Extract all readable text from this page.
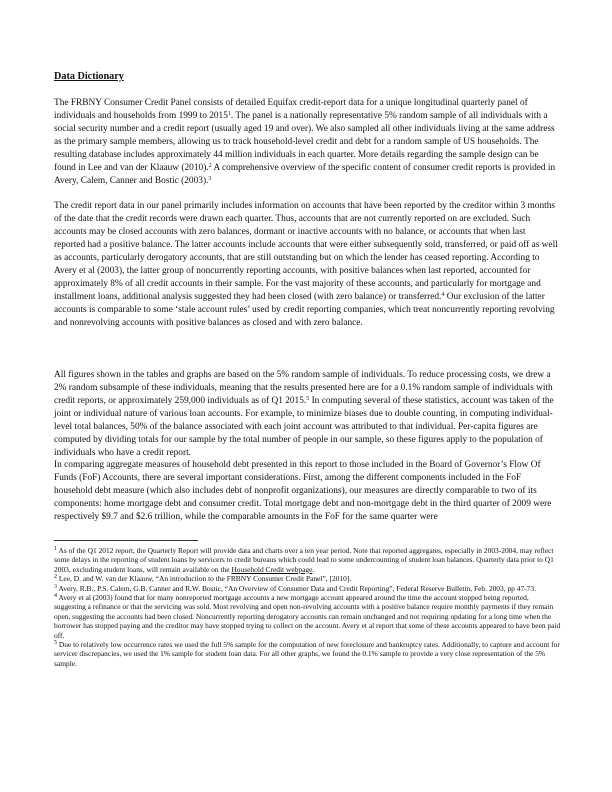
Data Dictionary

The FRBNY Consumer Credit Panel consists of detailed Equifax credit-report data for a unique longitudinal quarterly panel of individuals and households from 1999 to 2015$^1$. The panel is a nationally representative 5% random sample of all individuals with a social security number and a credit report (usually aged 19 and over). We also sampled all other individuals living at the same address as the primary sample members, allowing us to track household-level credit and debt for a random sample of US households. The resulting database includes approximately 44 million individuals in each quarter. More details regarding the sample design can be found in Lee and van der Klaauw (2010).$^2$ A comprehensive overview of the specific content of consumer credit reports is provided in Avery, Calem, Canner and Bostic (2003).$^3$

The credit report data in our panel primarily includes information on accounts that have been reported by the creditor within 3 months of the date that the credit records were drawn each quarter. Thus, accounts that are not currently reported on are excluded. Such accounts may be closed accounts with zero balances, dormant or inactive accounts with no balance, or accounts that when last reported had a positive balance. The latter accounts include accounts that were either subsequently sold, transferred, or paid off as well as accounts, particularly derogatory accounts, that are still outstanding but on which the lender has ceased reporting. According to Avery et al (2003), the latter group of noncurrently reporting accounts, with positive balances when last reported, accounted for approximately 8% of all credit accounts in their sample. For the vast majority of these accounts, and particularly for mortgage and installment loans, additional analysis suggested they had been closed (with zero balance) or transferred.$^4$ Our exclusion of the latter accounts is comparable to some ‘stale account rules’ used by credit reporting companies, which treat noncurrently reporting revolving and nonrevolving accounts with positive balances as closed and with zero balance.

All figures shown in the tables and graphs are based on the 5% random sample of individuals. To reduce processing costs, we drew a 2% random subsample of these individuals, meaning that the results presented here are for a 0.1% random sample of individuals with credit reports, or approximately 259,000 individuals as of Q1 2015.$^5$ In computing several of these statistics, account was taken of the joint or individual nature of various loan accounts. For example, to minimize biases due to double counting, in computing individual-level total balances, 50% of the balance associated with each joint account was attributed to that individual. Per-capita figures are computed by dividing totals for our sample by the total number of people in our sample, so these figures apply to the population of individuals who have a credit report.

In comparing aggregate measures of household debt presented in this report to those included in the Board of Governor’s Flow Of Funds (FoF) Accounts, there are several important considerations. First, among the different components included in the FoF household debt measure (which also includes debt of nonprofit organizations), our measures are directly comparable to two of its components: home mortgage debt and consumer credit. Total mortgage debt and non-mortgage debt in the third quarter of 2009 were respectively $9.7 and $2.6 trillion, while the comparable amounts in the FoF for the same quarter were

$^1$ As of the Q1 2012 report, the Quarterly Report will provide data and charts over a ten year period. Note that reported aggregates, especially in 2003-2004, may reflect some delays in the reporting of student loans by servicers to credit bureaus which could lead to some undercounting of student loan balances. Quarterly data prior to Q1 2003, excluding student loans, will remain available on the Household Credit webpage.

$^2$ Lee, D. and W. van der Klaauw, “An introduction to the FRBNY Consumer Credit Panel”, [2010].

$^3$ Avery, R.B., P.S. Calem, G.B. Canner and R.W. Bostic, “An Overview of Consumer Data and Credit Reporting”, Federal Reserve Bulletin, Feb. 2003, pp 47-73.

$^4$ Avery et al (2003) found that for many nonreported mortgage accounts a new mortgage account appeared around the time the account stopped being reported, suggesting a refinance or that the servicing was sold. Most revolving and open non-revolving accounts with a positive balance require monthly payments if they remain open, suggesting the accounts had been closed. Noncurrently reporting derogatory accounts can remain unchanged and not requiring updating for a long time when the borrower has stopped paying and the creditor may have stopped trying to collect on the account. Avery et al report that some of these accounts appeared to have been paid off.

$^5$ Due to relatively low occurrence rates we used the full 5% sample for the computation of new foreclosure and bankruptcy rates. Additionally, to capture and account for servicer discrepancies, we used the 1% sample for student loan data. For all other graphs, we found the 0.1% sample to provide a very close representation of the 5% sample.
